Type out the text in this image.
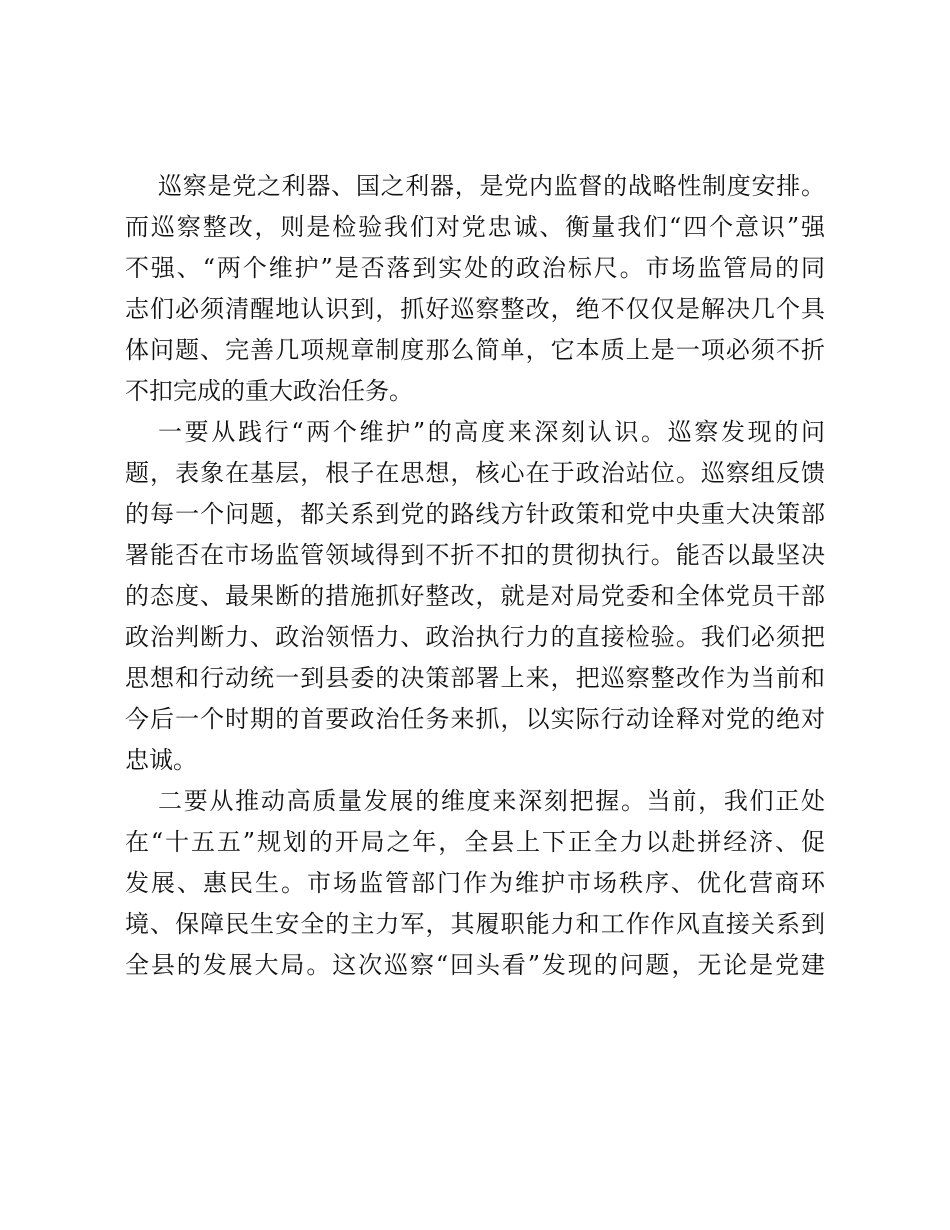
巡察是党之利器、国之利器，是党内监督的战略性制度安排。
而巡察整改，则是检验我们对党忠诚、衡量我们“四个意识”强
不强、“两个维护”是否落到实处的政治标尺。市场监管局的同
志们必须清醒地认识到，抓好巡察整改，绝不仅仅是解决几个具
体问题、完善几项规章制度那么简单，它本质上是一项必须不折
不扣完成的重大政治任务。
一要从践行“两个维护”的高度来深刻认识。巡察发现的问
题，表象在基层，根子在思想，核心在于政治站位。巡察组反馈
的每一个问题，都关系到党的路线方针政策和党中央重大决策部
署能否在市场监管领域得到不折不扣的贯彻执行。能否以最坚决
的态度、最果断的措施抓好整改，就是对局党委和全体党员干部
政治判断力、政治领悟力、政治执行力的直接检验。我们必须把
思想和行动统一到县委的决策部署上来，把巡察整改作为当前和
今后一个时期的首要政治任务来抓，以实际行动诠释对党的绝对
忠诚。
二要从推动高质量发展的维度来深刻把握。当前，我们正处
在“十五五”规划的开局之年，全县上下正全力以赴拼经济、促
发展、惠民生。市场监管部门作为维护市场秩序、优化营商环
境、保障民生安全的主力军，其履职能力和工作作风直接关系到
全县的发展大局。这次巡察“回头看”发现的问题，无论是党建
